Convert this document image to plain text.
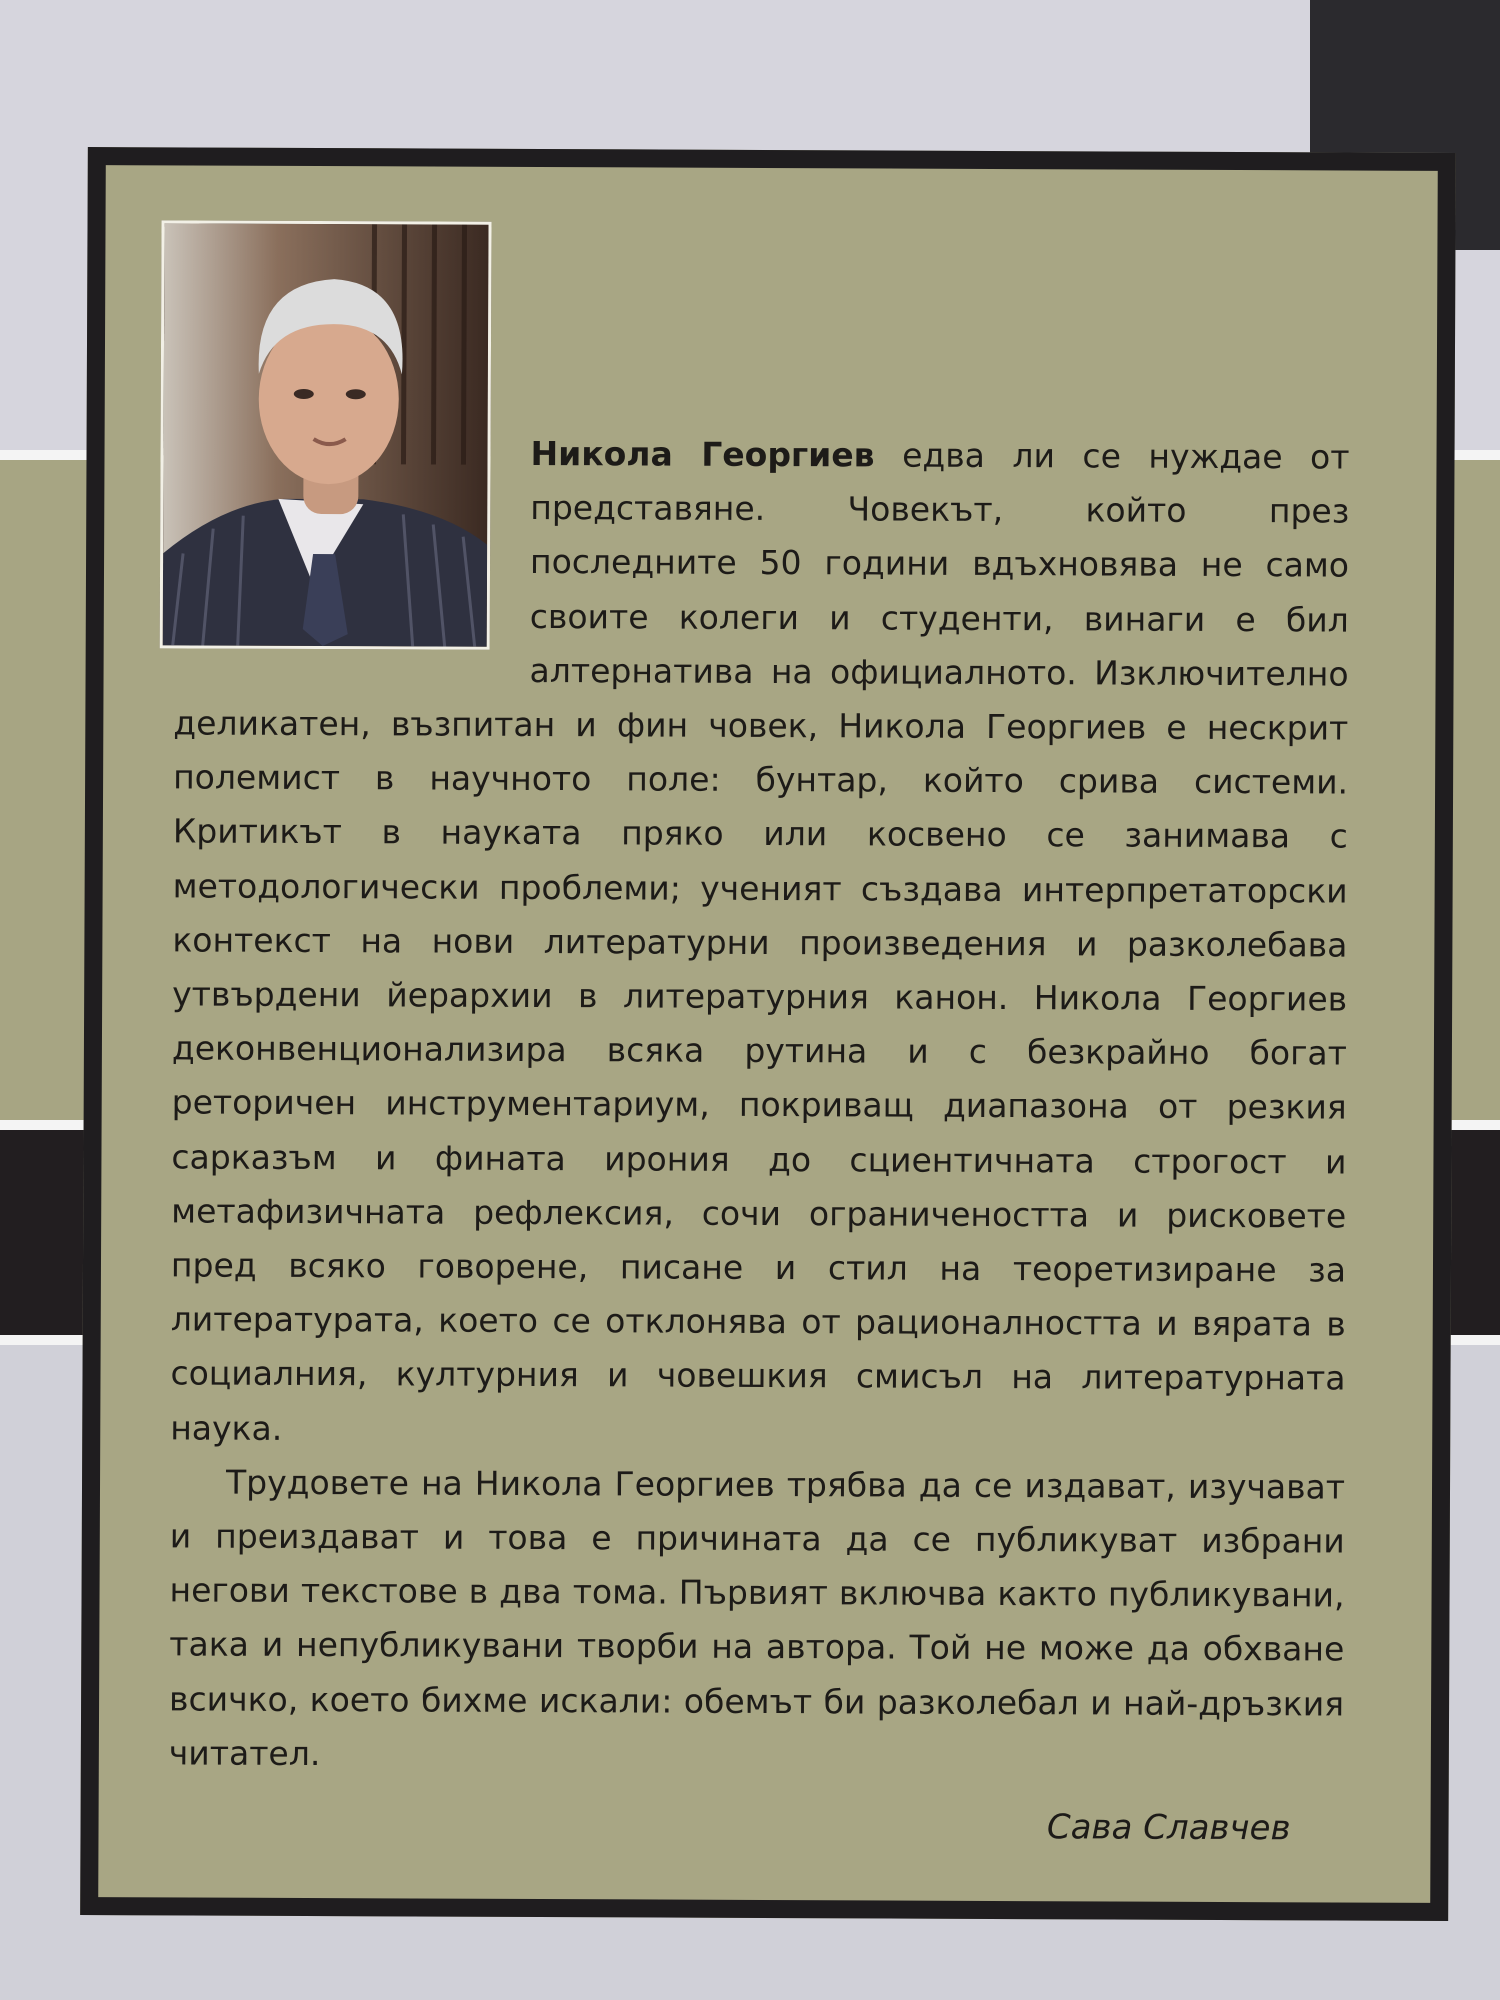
Никола Георгиев едва ли се нуждае от представяне. Човекът, който през последните 50 години вдъхновява не само своите колеги и студенти, винаги е бил алтернатива на официалното. Изключително деликатен, възпитан и фин човек, Никола Георгиев е нескрит полемист в научното поле: бунтар, който срива системи. Критикът в науката пряко или косвено се занимава с методологически проблеми; ученият създава интерпретаторски контекст на нови литературни произведения и разколебава утвърдени йерархии в литературния канон. Никола Георгиев деконвенционализира всяка рутина и с безкрайно богат реторичен инструментариум, покриващ диапазона от резкия сарказъм и фината ирония до сциентичната строгост и метафизичната рефлексия, сочи ограничеността и рисковете пред всяко говорене, писане и стил на теоретизиране за литературата, което се отклонява от рационалността и вярата в социалния, културния и човешкия смисъл на литературната наука.

Трудовете на Никола Георгиев трябва да се издават, изучават и преиздават и това е причината да се публикуват избрани негови текстове в два тома. Първият включва както публикувани, така и непубликувани творби на автора. Той не може да обхване всичко, което бихме искали: обемът би разколебал и най-дръзкия читател.

Сава Славчев
